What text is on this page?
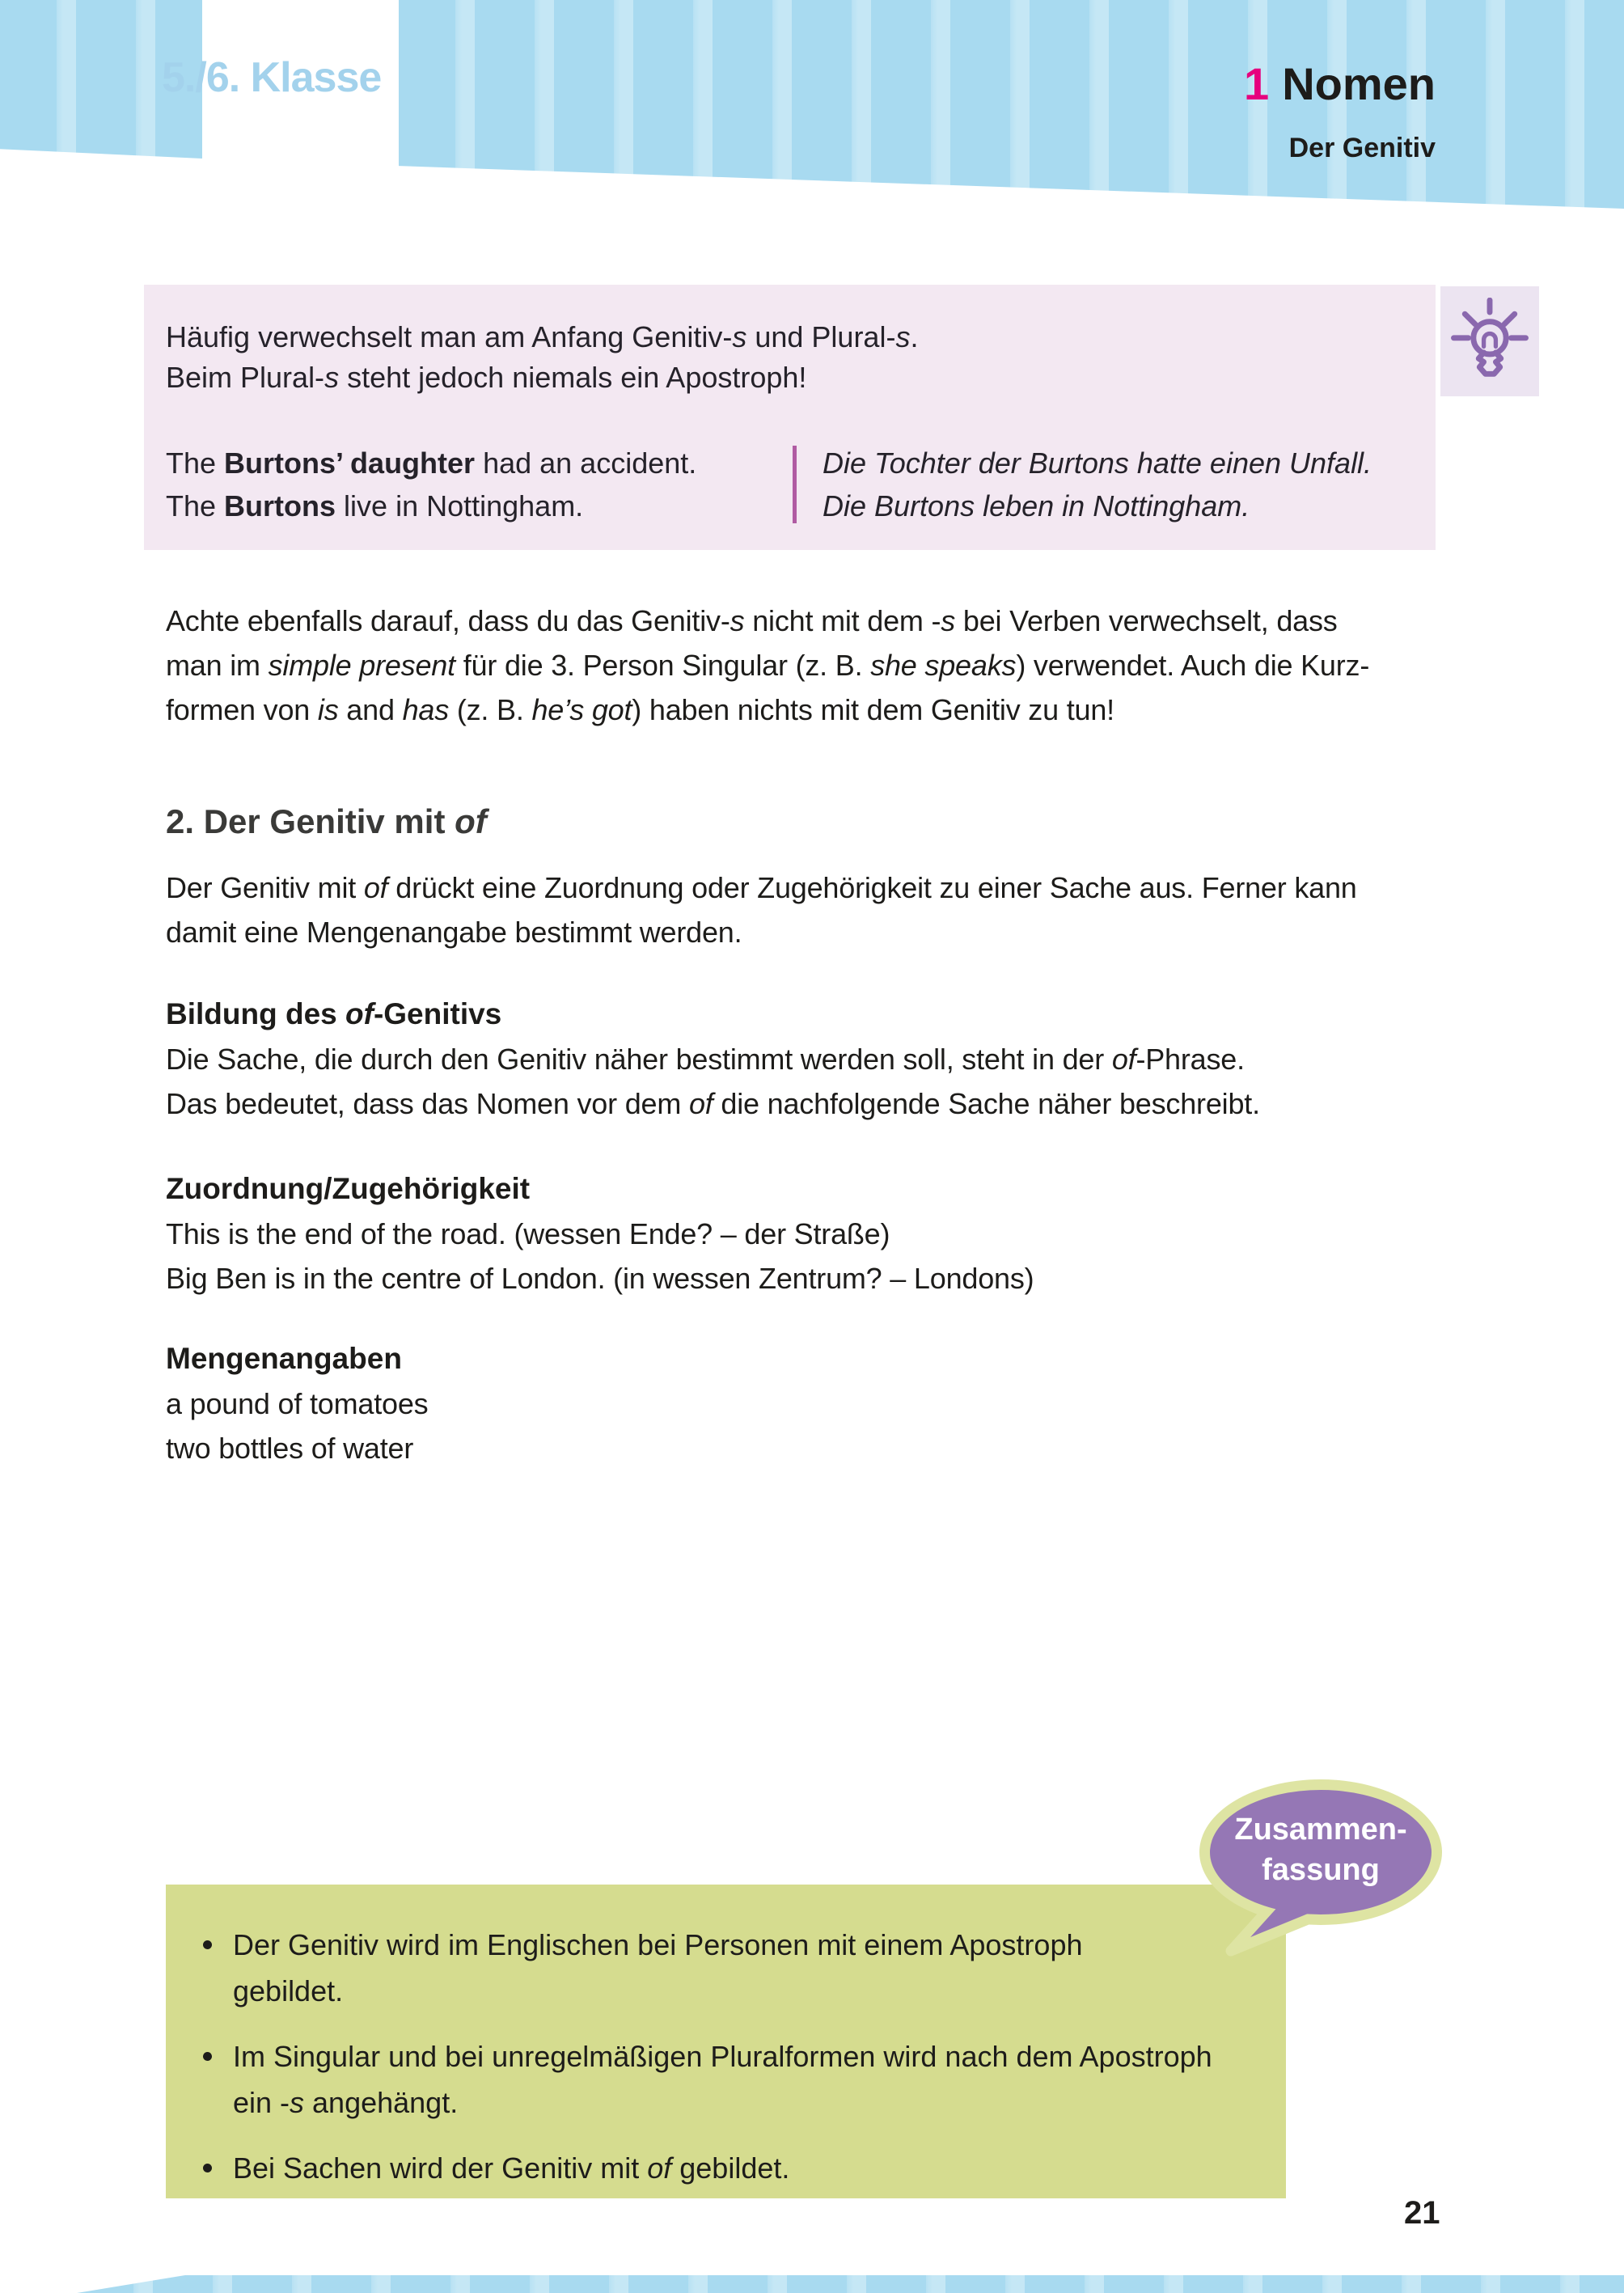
5./6. Klasse	1 Nomen
Der Genitiv
Häufig verwechselt man am Anfang Genitiv-s und Plural-s.
Beim Plural-s steht jedoch niemals ein Apostroph!
The Burtons’ daughter had an accident.
The Burtons live in Nottingham.
Die Tochter der Burtons hatte einen Unfall.
Die Burtons leben in Nottingham.
Achte ebenfalls darauf, dass du das Genitiv-s nicht mit dem -s bei Verben verwechselt, dass
man im simple present für die 3. Person Singular (z. B. she speaks) verwendet. Auch die Kurz-
formen von is and has (z. B. he’s got) haben nichts mit dem Genitiv zu tun!
2. Der Genitiv mit of
Der Genitiv mit of drückt eine Zuordnung oder Zugehörigkeit zu einer Sache aus. Ferner kann
damit eine Mengenangabe bestimmt werden.
Bildung des of-Genitivs
Die Sache, die durch den Genitiv näher bestimmt werden soll, steht in der of-Phrase.
Das bedeutet, dass das Nomen vor dem of die nachfolgende Sache näher beschreibt.
Zuordnung/Zugehörigkeit
This is the end of the road. (wessen Ende? – der Straße)
Big Ben is in the centre of London. (in wessen Zentrum? – Londons)
Mengenangaben
a pound of tomatoes
two bottles of water
Der Genitiv wird im Englischen bei Personen mit einem Apostroph
gebildet.
Im Singular und bei unregelmäßigen Pluralformen wird nach dem Apostroph
ein -s angehängt.
Bei Sachen wird der Genitiv mit of gebildet.
Zusammen-
fassung
21
